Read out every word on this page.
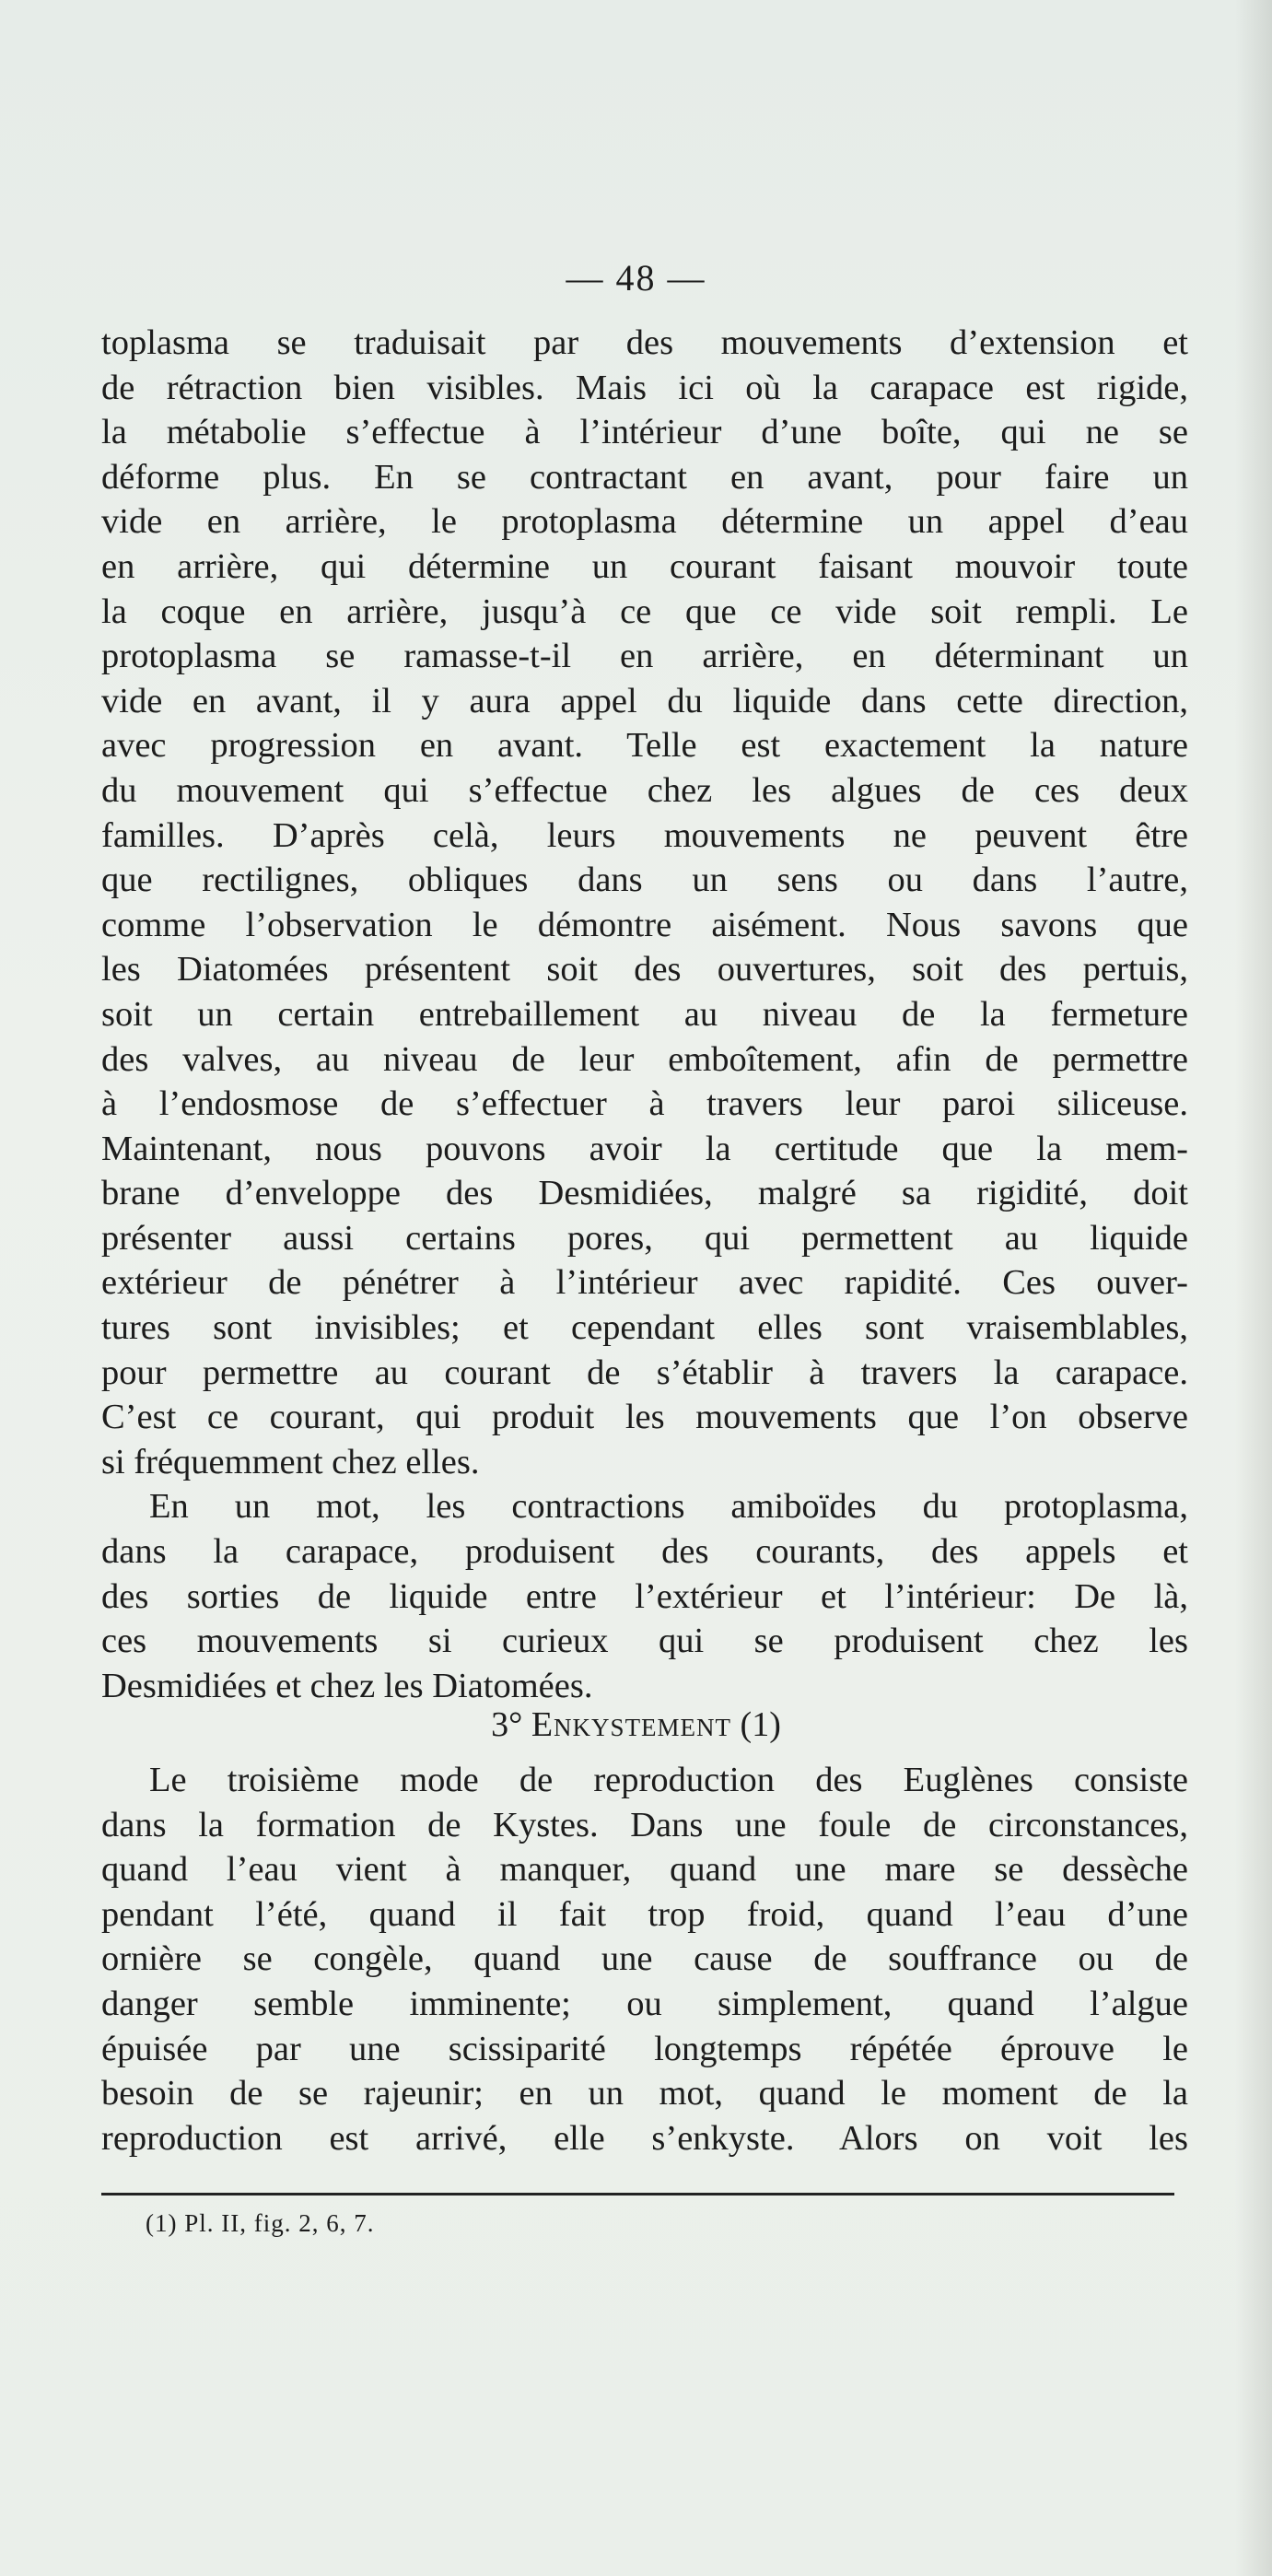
— 48 —
toplasma se traduisait par des mouvements d’extension et
de rétraction bien visibles. Mais ici où la carapace est rigide,
la métabolie s’effectue à l’intérieur d’une boîte, qui ne se
déforme plus. En se contractant en avant, pour faire un
vide en arrière, le protoplasma détermine un appel d’eau
en arrière, qui détermine un courant faisant mouvoir toute
la coque en arrière, jusqu’à ce que ce vide soit rempli. Le
protoplasma se ramasse-t-il en arrière, en déterminant un
vide en avant, il y aura appel du liquide dans cette direction,
avec progression en avant. Telle est exactement la nature
du mouvement qui s’effectue chez les algues de ces deux
familles. D’après celà, leurs mouvements ne peuvent être
que rectilignes, obliques dans un sens ou dans l’autre,
comme l’observation le démontre aisément. Nous savons que
les Diatomées présentent soit des ouvertures, soit des pertuis,
soit un certain entrebaillement au niveau de la fermeture
des valves, au niveau de leur emboîtement, afin de permettre
à l’endosmose de s’effectuer à travers leur paroi siliceuse.
Maintenant, nous pouvons avoir la certitude que la mem-
brane d’enveloppe des Desmidiées, malgré sa rigidité, doit
présenter aussi certains pores, qui permettent au liquide
extérieur de pénétrer à l’intérieur avec rapidité. Ces ouver-
tures sont invisibles; et cependant elles sont vraisemblables,
pour permettre au courant de s’établir à travers la carapace.
C’est ce courant, qui produit les mouvements que l’on observe
si fréquemment chez elles.
En un mot, les contractions amiboïdes du protoplasma,
dans la carapace, produisent des courants, des appels et
des sorties de liquide entre l’extérieur et l’intérieur: De là,
ces mouvements si curieux qui se produisent chez les
Desmidiées et chez les Diatomées.
3° Enkystement (1)
Le troisième mode de reproduction des Euglènes consiste
dans la formation de Kystes. Dans une foule de circonstances,
quand l’eau vient à manquer, quand une mare se dessèche
pendant l’été, quand il fait trop froid, quand l’eau d’une
ornière se congèle, quand une cause de souffrance ou de
danger semble imminente; ou simplement, quand l’algue
épuisée par une scissiparité longtemps répétée éprouve le
besoin de se rajeunir; en un mot, quand le moment de la
reproduction est arrivé, elle s’enkyste. Alors on voit les
(1) Pl. II, fig. 2, 6, 7.
